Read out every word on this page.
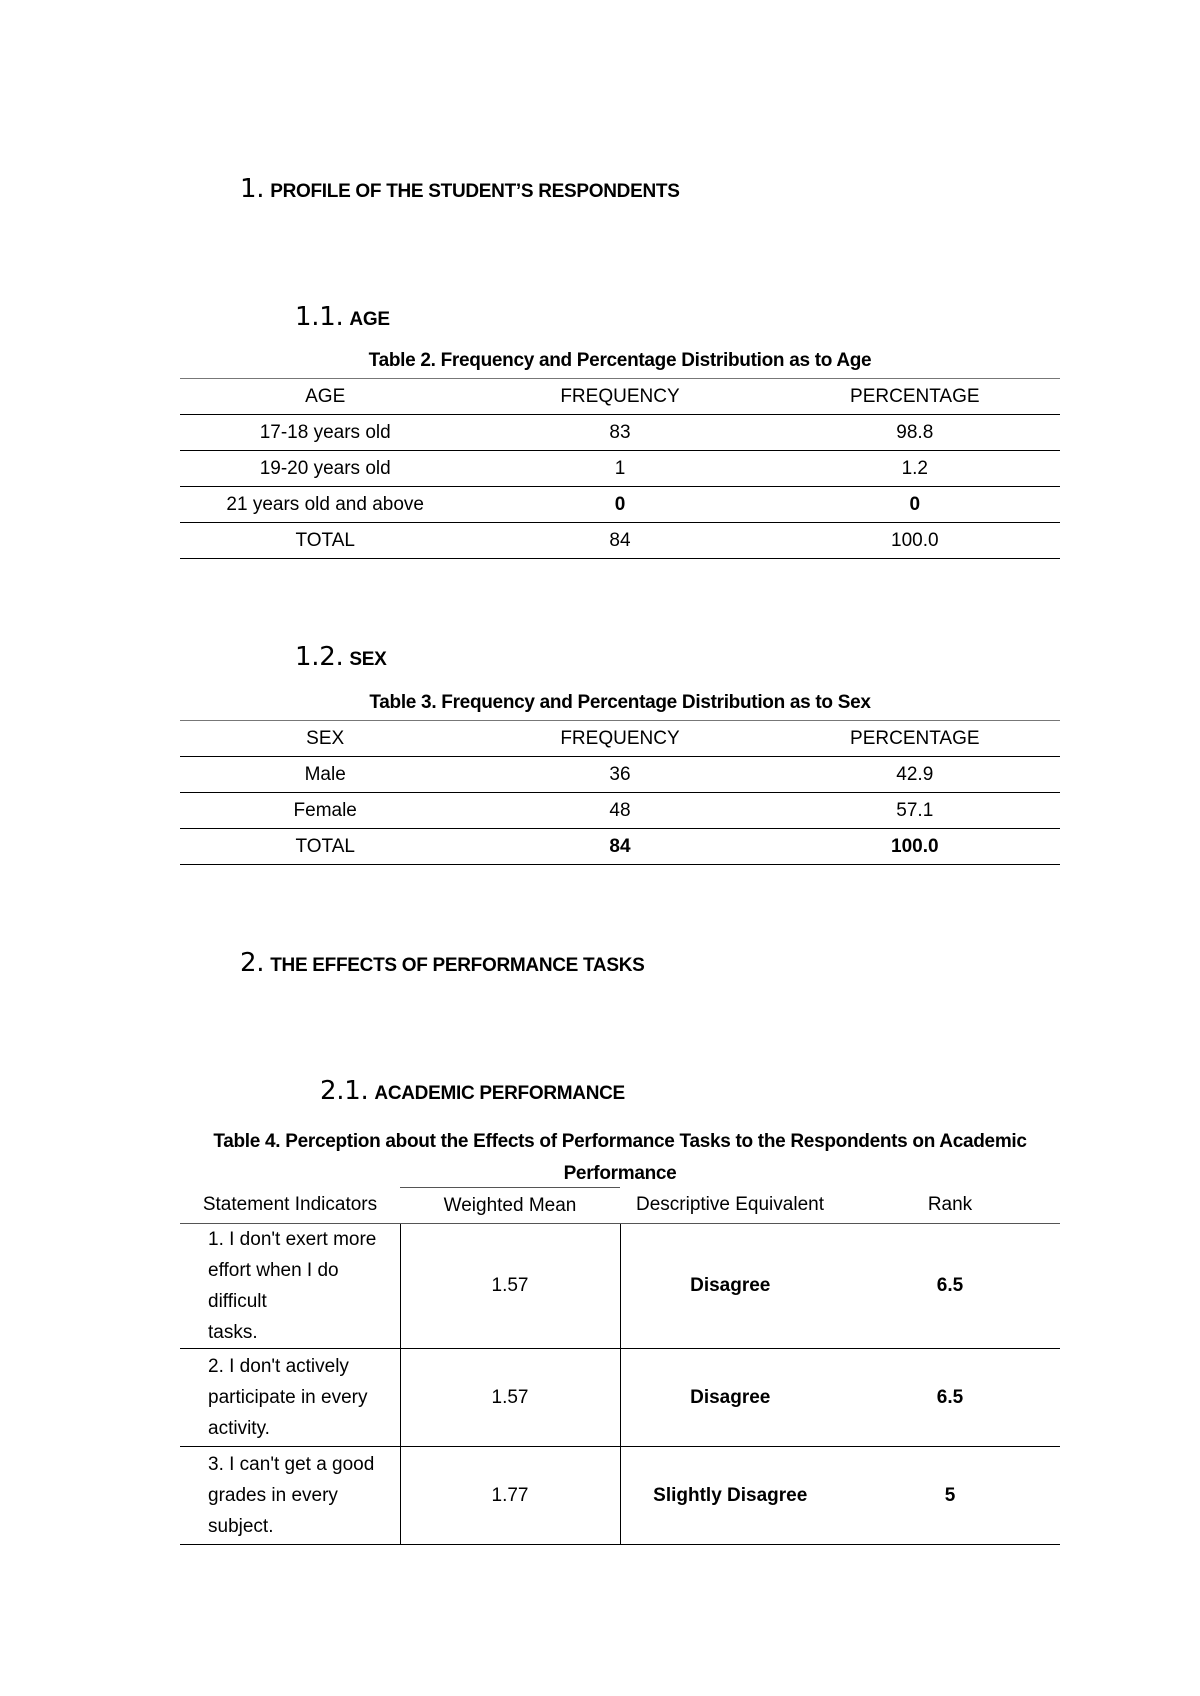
1. PROFILE OF THE STUDENT’S RESPONDENTS
1.1. AGE
Table 2. Frequency and Percentage Distribution as to Age
AGE	FREQUENCY	PERCENTAGE
17-18 years old	83	98.8
19-20 years old	1	1.2
21 years old and above	0	0
TOTAL	84	100.0
1.2. SEX
Table 3. Frequency and Percentage Distribution as to Sex
SEX	FREQUENCY	PERCENTAGE
Male	36	42.9
Female	48	57.1
TOTAL	84	100.0
2. THE EFFECTS OF PERFORMANCE TASKS
2.1. ACADEMIC PERFORMANCE
Table 4. Perception about the Effects of Performance Tasks to the Respondents on Academic
Performance
Statement Indicators	Weighted Mean	Descriptive Equivalent	Rank

1. I don't exert more
effort when I do difficult
tasks.	1.57	Disagree	6.5

2. I don't actively
participate in every
activity.	1.57	Disagree	6.5

3. I can't get a good
grades in every
subject.	1.77	Slightly Disagree	5
